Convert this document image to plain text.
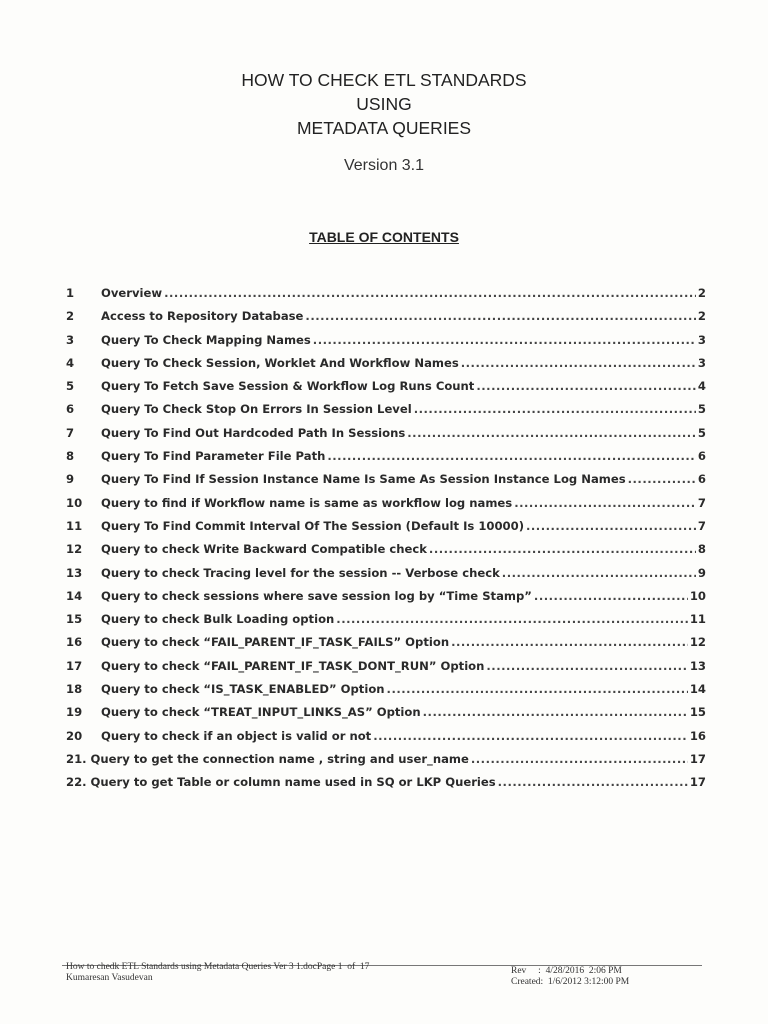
HOW TO CHECK ETL STANDARDS
USING
METADATA QUERIES
Version 3.1
TABLE OF CONTENTS
1	Overview .....	2
2	Access to Repository Database .....	2
3	Query To Check Mapping Names .....	3
4	Query To Check Session, Worklet And Workflow Names .....	3
5	Query To Fetch Save Session & Workflow Log Runs Count .....	4
6	Query To Check Stop On Errors In Session Level .....	5
7	Query To Find Out Hardcoded Path In Sessions .....	5
8	Query To Find Parameter File Path .....	6
9	Query To Find If Session Instance Name Is Same As Session Instance Log Names .....	6
10	Query to find if Workflow name is same as workflow log names .....	7
11	Query To Find Commit Interval Of The Session (Default Is 10000) .....	7
12	Query to check Write Backward Compatible check .....	8
13	Query to check Tracing level for the session -- Verbose check .....	9
14	Query to check sessions where save session log by “Time Stamp” .....	10
15	Query to check Bulk Loading option .....	11
16	Query to check “FAIL_PARENT_IF_TASK_FAILS” Option .....	12
17	Query to check “FAIL_PARENT_IF_TASK_DONT_RUN” Option .....	13
18	Query to check “IS_TASK_ENABLED” Option .....	14
19	Query to check “TREAT_INPUT_LINKS_AS” Option .....	15
20	Query to check if an object is valid or not .....	16
21. Query to get the connection name , string and user_name .....	17
22. Query to get Table or column name used in SQ or LKP Queries .....	17
How to chedk ETL Standards using Metadata Queries Ver 3 1.docPage 1  of  17
Kumaresan Vasudevan
Rev     :  4/28/2016  2:06 PM
Created:  1/6/2012 3:12:00 PM
